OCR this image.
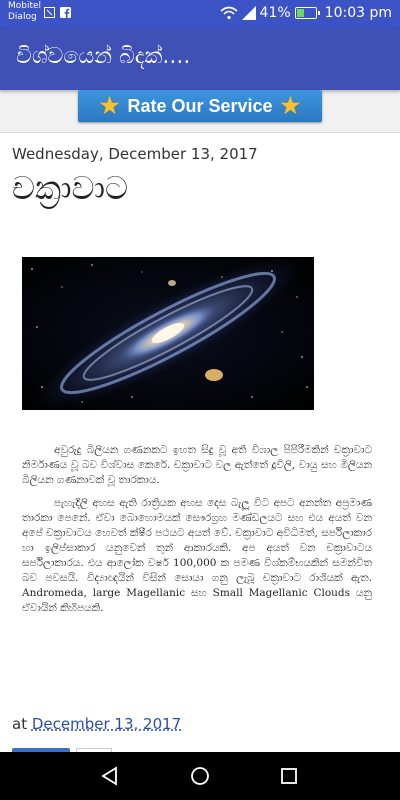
Mobitel
Dialog	41% 10:03 pm
විශ්වයෙන් බිදක්....
★ Rate Our Service ★
Wednesday, December 13, 2017
චක්‍රාවාට

අවුරුදු බිලියන ගණනකට ඉහත සිදු වූ අති විශාල පිපිරීමකින් චක්‍රාවාට නිර්මාණය වූ බව විශ්වාස කෙරේ. චක්‍රාවාට වල ඇත්තේ දූවිලි, වායු සහ මිලියන බිලියන ගණනාවක් වූ තාරකාය.

පැහැදිලි අහස ඇති රාත්‍රියක අහස දෙස බැලූ විට අපට අනන්ත අප්‍රමාණ තාරකා පෙනේ. ඒවා බොහොමයක් සෞරග්‍රහ මණ්ඩලයට සහ එය අයත් වන අපේ චක්‍රාවාටය හෙවත් ක්ෂීර පථයට අයත් වේ. චක්‍රාවාට අවිධිමත්, සර්පිලාකාර හා ඉලිප්සාකාර යනුවෙන් තුන් ආකාරයකි. අප අයත් වන චක්‍රාවාටය සර්පිලාකාරය. එය ආලෝක වර්ෂ 100,000 ක පමණ විශ්කම්භයකින් සමන්විත බව පවසයි. විද්‍යාඥයින් විසින් සොයා ගනු ලැබූ චක්‍රාවාට රාශියක් ඇත. Andromeda, large Magellanic සහ Small Magellanic Clouds යනු ඒවායින් කිහිපයකි.

at December 13, 2017
